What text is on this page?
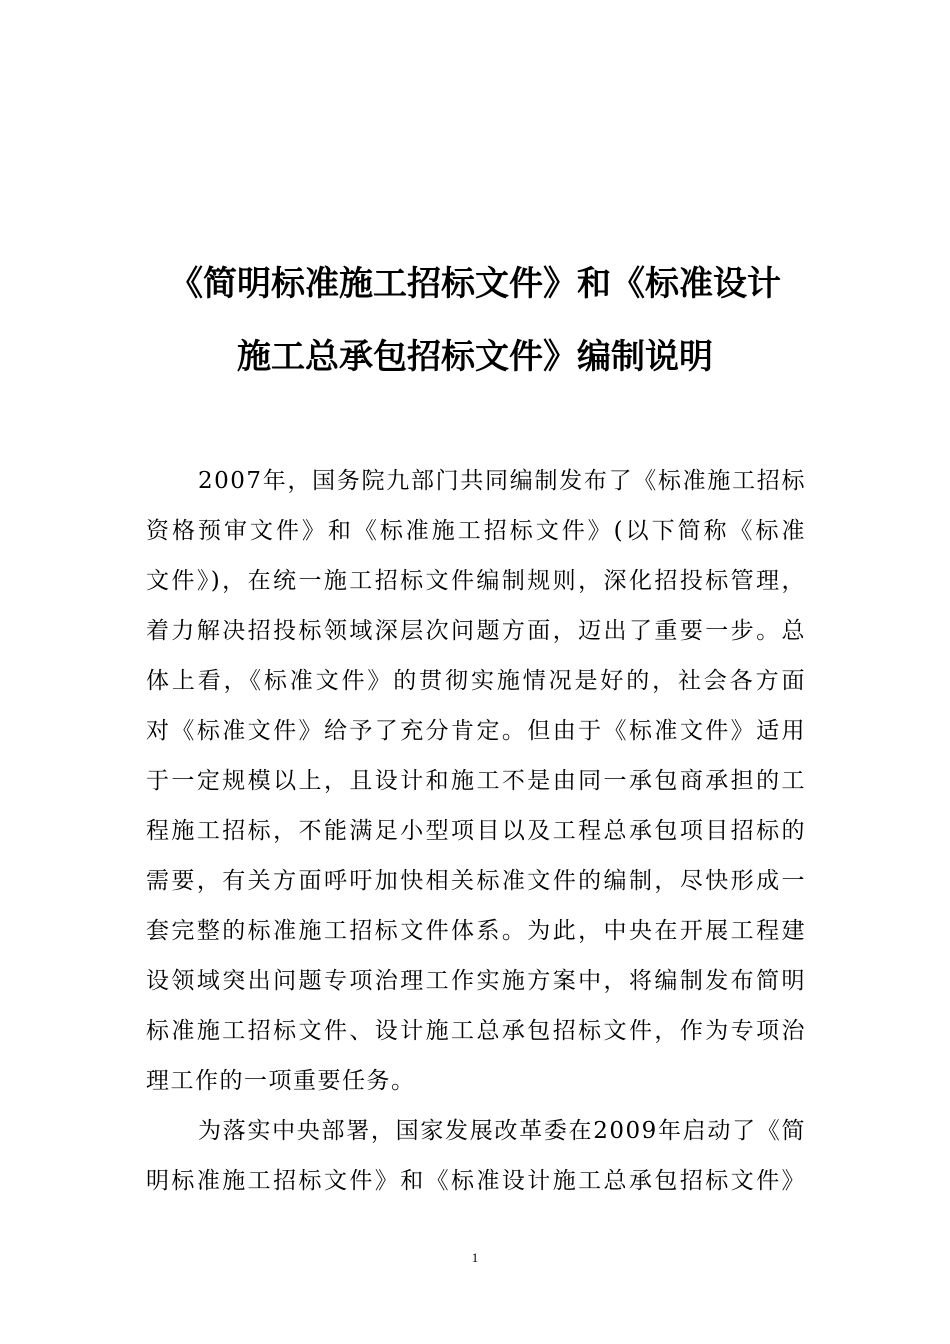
《简明标准施工招标文件》和《标准设计
施工总承包招标文件》编制说明
2007年，国务院九部门共同编制发布了《标准施工招标
资格预审文件》和《标准施工招标文件》(以下简称《标准
文件》)，在统一施工招标文件编制规则，深化招投标管理，
着力解决招投标领域深层次问题方面，迈出了重要一步。总
体上看，《标准文件》的贯彻实施情况是好的，社会各方面
对《标准文件》给予了充分肯定。但由于《标准文件》适用
于一定规模以上，且设计和施工不是由同一承包商承担的工
程施工招标，不能满足小型项目以及工程总承包项目招标的
需要，有关方面呼吁加快相关标准文件的编制，尽快形成一
套完整的标准施工招标文件体系。为此，中央在开展工程建
设领域突出问题专项治理工作实施方案中，将编制发布简明
标准施工招标文件、设计施工总承包招标文件，作为专项治
理工作的一项重要任务。
为落实中央部署，国家发展改革委在2009年启动了《简
明标准施工招标文件》和《标准设计施工总承包招标文件》
1
